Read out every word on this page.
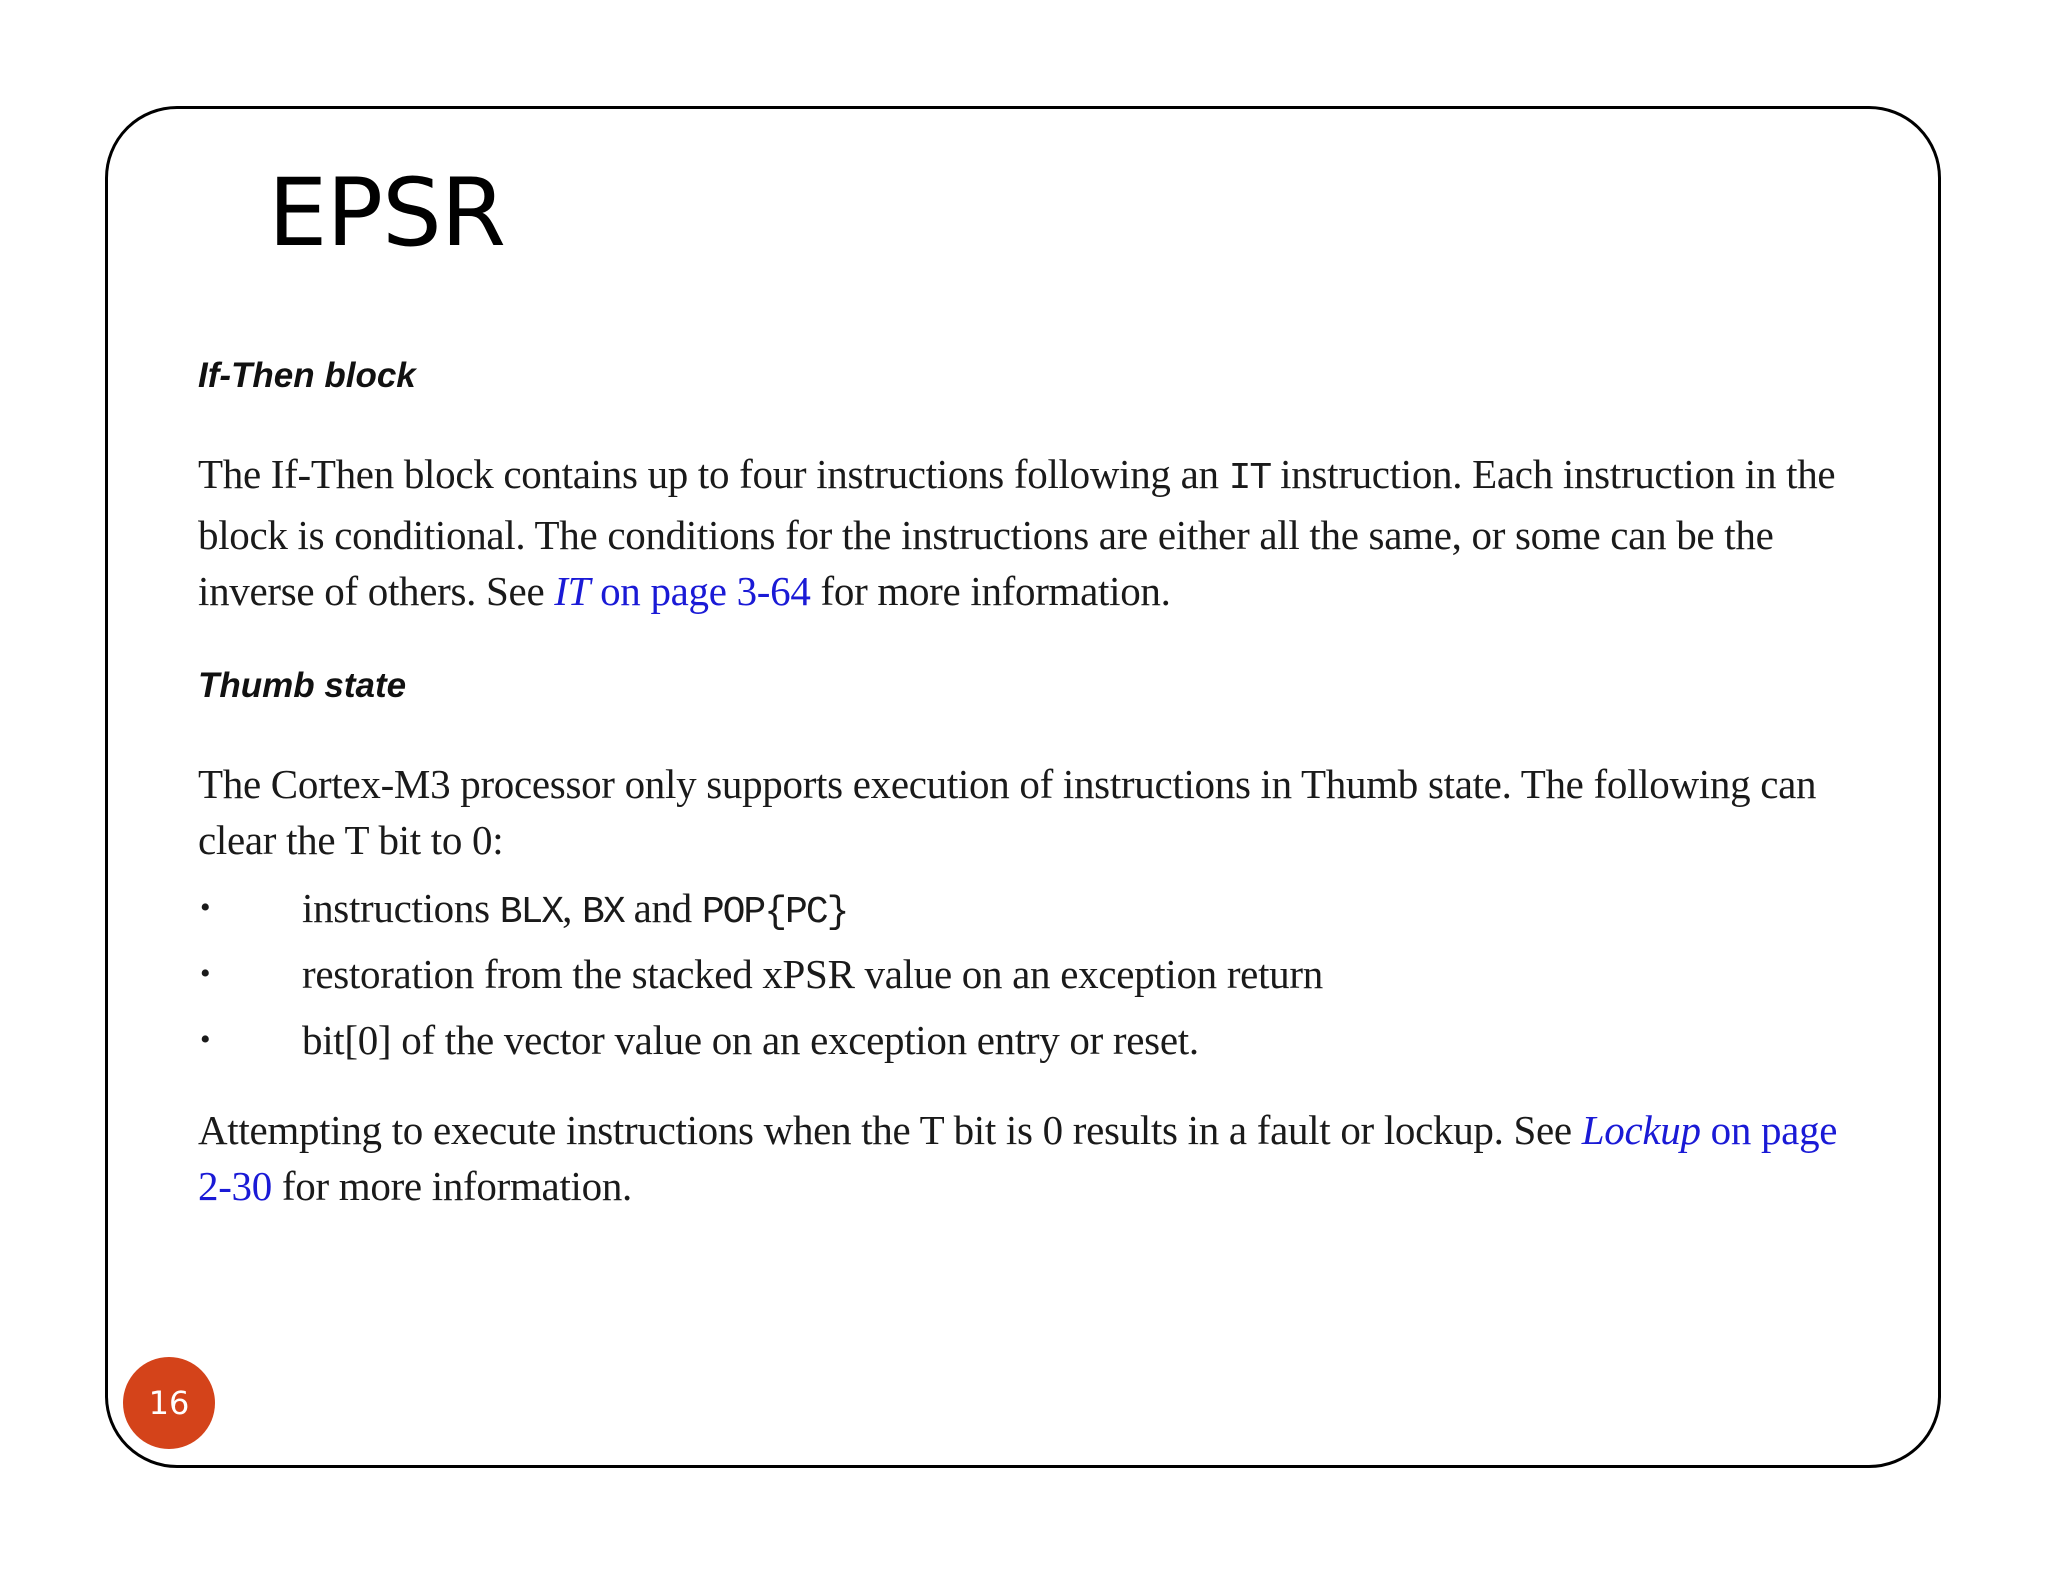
EPSR
If-Then block

The If-Then block contains up to four instructions following an IT instruction. Each instruction in the block is conditional. The conditions for the instructions are either all the same, or some can be the inverse of others. See IT on page 3-64 for more information.

Thumb state

The Cortex-M3 processor only supports execution of instructions in Thumb state. The following can clear the T bit to 0:

• instructions BLX, BX and POP{PC}
• restoration from the stacked xPSR value on an exception return
• bit[0] of the vector value on an exception entry or reset.

Attempting to execute instructions when the T bit is 0 results in a fault or lockup. See Lockup on page 2-30 for more information.

16
